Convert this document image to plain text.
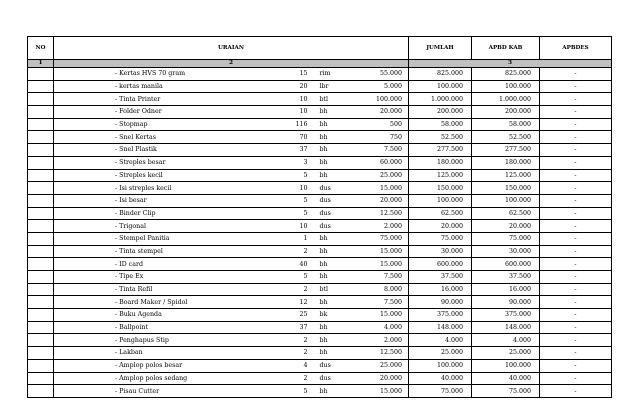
NO	URAIAN				JUMLAH	APBD KAB	APBDES	
1	2				3	
	- Kertas HVS 70 gram	15	rim	55.000	825.000	825.000	-	
	- kertas manila	20	lbr	5.000	100.000	100.000	-	
	- Tinta Printer	10	btl	100.000	1.000.000	1.000.000	-	
	- Folder Odner	10	bh	20.000	200.000	200.000	-	
	- Stopmap	116	bh	500	58.000	58.000	-	
	- Snel Kertas	70	bh	750	52.500	52.500	-	
	- Snel Plastik	37	bh	7.500	277.500	277.500	-	
	- Streples besar	3	bh	60.000	180.000	180.000	-	
	- Streples kecil	5	bh	25.000	125.000	125.000	-	
	- Isi streples kecil	10	dus	15.000	150.000	150.000	-	
	- Isi besar	5	dus	20.000	100.000	100.000	-	
	- Binder Clip	5	dus	12.500	62.500	62.500	-	
	- Trigonal	10	dus	2.000	20.000	20.000	-	
	- Stempel Panitia	1	bh	75.000	75.000	75.000	-	
	- Tinta stempel	2	bh	15.000	30.000	30.000	-	
	- ID card	40	bh	15.000	600.000	600.000	-	
	- Tipe Ex	5	bh	7.500	37.500	37.500	-	
	- Tinta Refil	2	btl	8.000	16.000	16.000	-	
	- Board Maker / Spidol	12	bh	7.500	90.000	90.000	-	
	- Buku Agenda	25	bk	15.000	375.000	375.000	-	
	- Ballpoint	37	bh	4.000	148.000	148.000	-	
	- Penghapus Stip	2	bh	2.000	4.000	4.000	-	
	- Lakban	2	bh	12.500	25.000	25.000	-	
	- Amplop polos besar	4	dus	25.000	100.000	100.000	-	
	- Amplop polos sedang	2	dus	20.000	40.000	40.000	-	
	- Pisau Cutter	5	bh	15.000	75.000	75.000	-	
